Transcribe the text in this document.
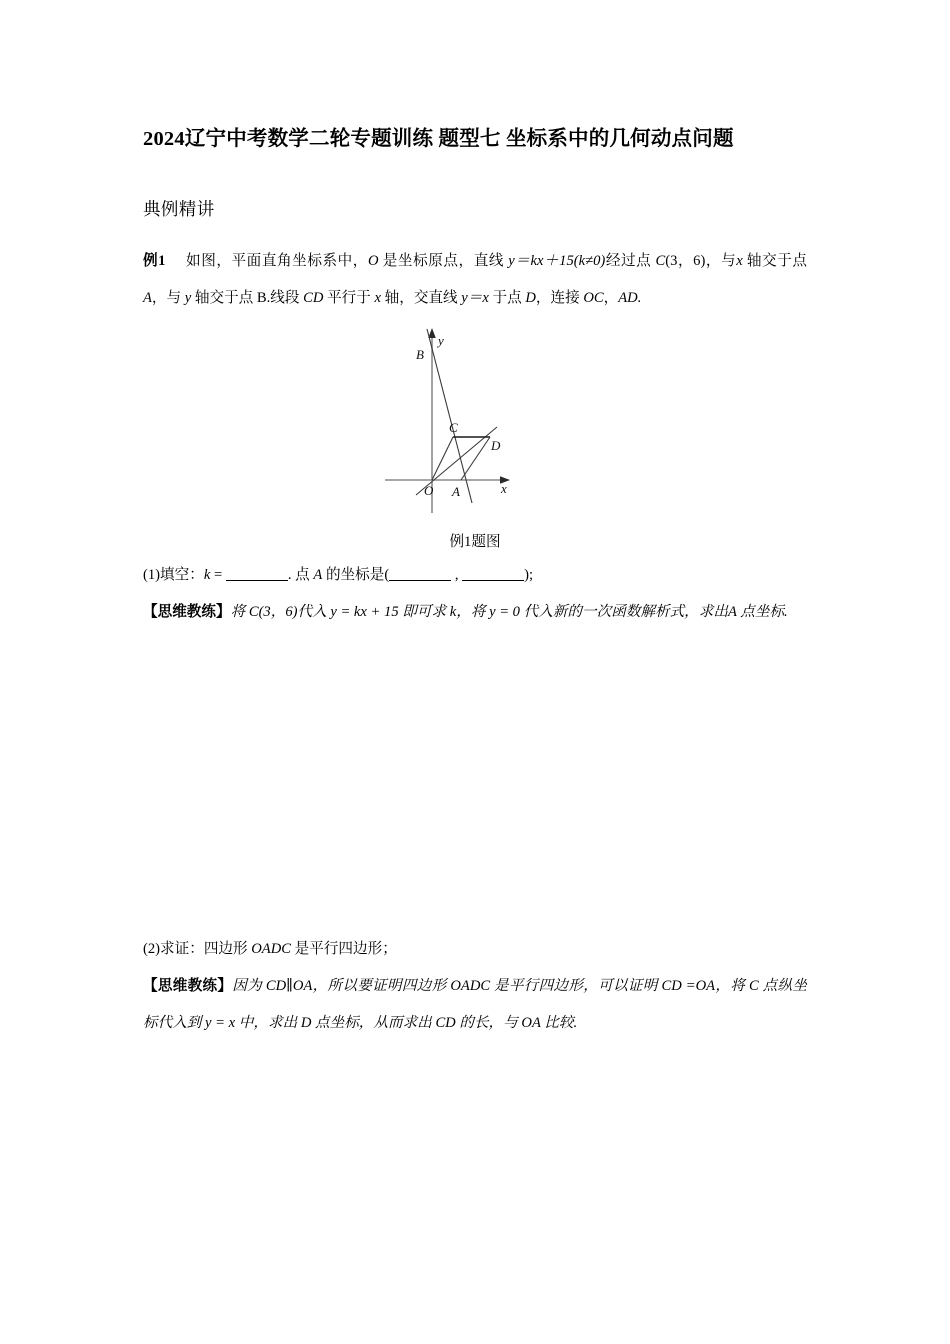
2024辽宁中考数学二轮专题训练 题型七 坐标系中的几何动点问题
典例精讲

例1 如图，平面直角坐标系中，O 是坐标原点，直线 y＝kx＋15(k≠0)经过点 C(3，6)，与x 轴交于点 A，与 y 轴交于点 B.线段 CD 平行于 x 轴，交直线 y＝x 于点 D，连接 OC，AD.

B
C
D
O A	x
y

例1题图

(1)填空：k =	. 点 A 的坐标是(	,	);

【思维教练】将 C(3，6)代入 y = kx + 15 即可求 k，将 y = 0 代入新的一次函数解析式，求出A 点坐标.

(2)求证：四边形 OADC 是平行四边形；

【思维教练】因为 CD∥OA，所以要证明四边形 OADC 是平行四边形，可以证明 CD =OA，将 C 点纵坐标代入到 y = x 中，求出 D 点坐标，从而求出 CD 的长，与 OA 比较.
